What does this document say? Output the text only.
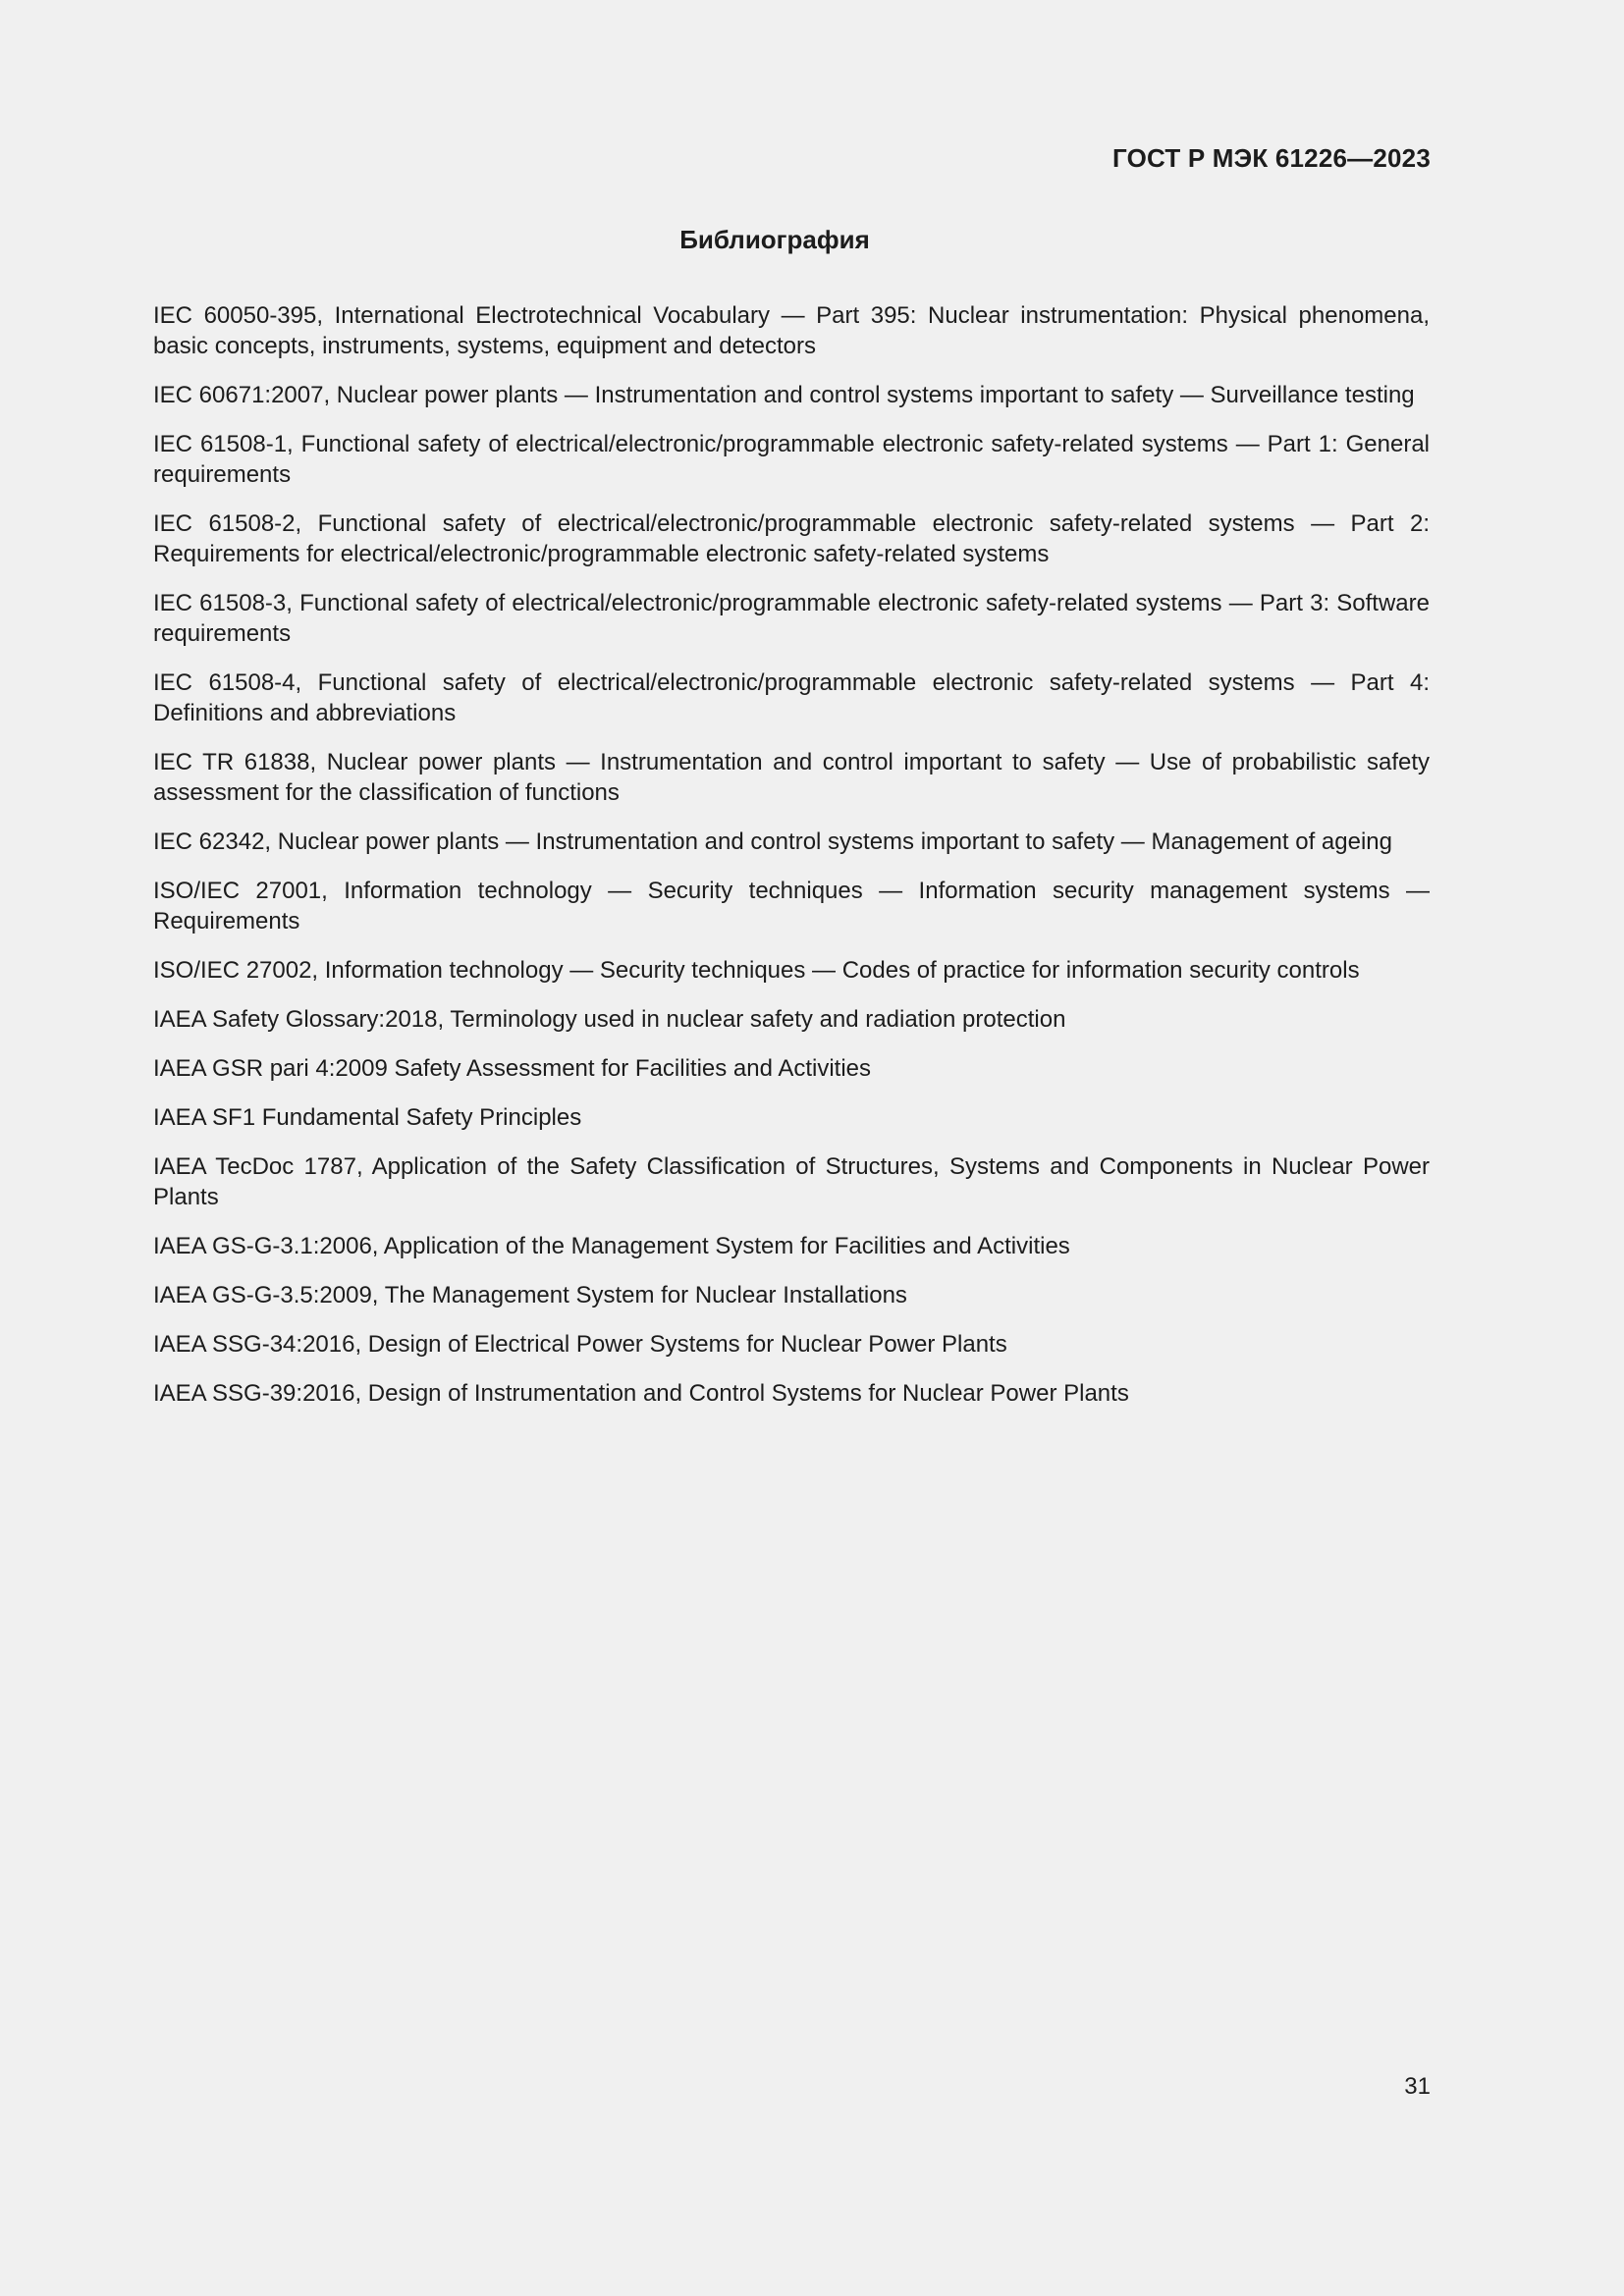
ГОСТ Р МЭК 61226—2023
Библиография
IEC 60050-395, International Electrotechnical Vocabulary — Part 395: Nuclear instrumentation: Physical phenomena, basic concepts, instruments, systems, equipment and detectors
IEC 60671:2007, Nuclear power plants — Instrumentation and control systems important to safety — Surveillance testing
IEC 61508-1, Functional safety of electrical/electronic/programmable electronic safety-related systems — Part 1: General requirements
IEC 61508-2, Functional safety of electrical/electronic/programmable electronic safety-related systems — Part 2: Requirements for electrical/electronic/programmable electronic safety-related systems
IEC 61508-3, Functional safety of electrical/electronic/programmable electronic safety-related systems — Part 3: Software requirements
IEC 61508-4, Functional safety of electrical/electronic/programmable electronic safety-related systems — Part 4: Definitions and abbreviations
IEC TR 61838, Nuclear power plants — Instrumentation and control important to safety — Use of probabilistic safety assessment for the classification of functions
IEC 62342, Nuclear power plants — Instrumentation and control systems important to safety — Management of ageing
ISO/IEC 27001, Information technology — Security techniques — Information security management systems — Requirements
ISO/IEC 27002, Information technology — Security techniques — Codes of practice for information security controls
IAEA Safety Glossary:2018, Terminology used in nuclear safety and radiation protection
IAEA GSR pari 4:2009 Safety Assessment for Facilities and Activities
IAEA SF1 Fundamental Safety Principles
IAEA TecDoc 1787, Application of the Safety Classification of Structures, Systems and Components in Nuclear Power Plants
IAEA GS-G-3.1:2006, Application of the Management System for Facilities and Activities
IAEA GS-G-3.5:2009, The Management System for Nuclear Installations
IAEA SSG-34:2016, Design of Electrical Power Systems for Nuclear Power Plants
IAEA SSG-39:2016, Design of Instrumentation and Control Systems for Nuclear Power Plants
31
